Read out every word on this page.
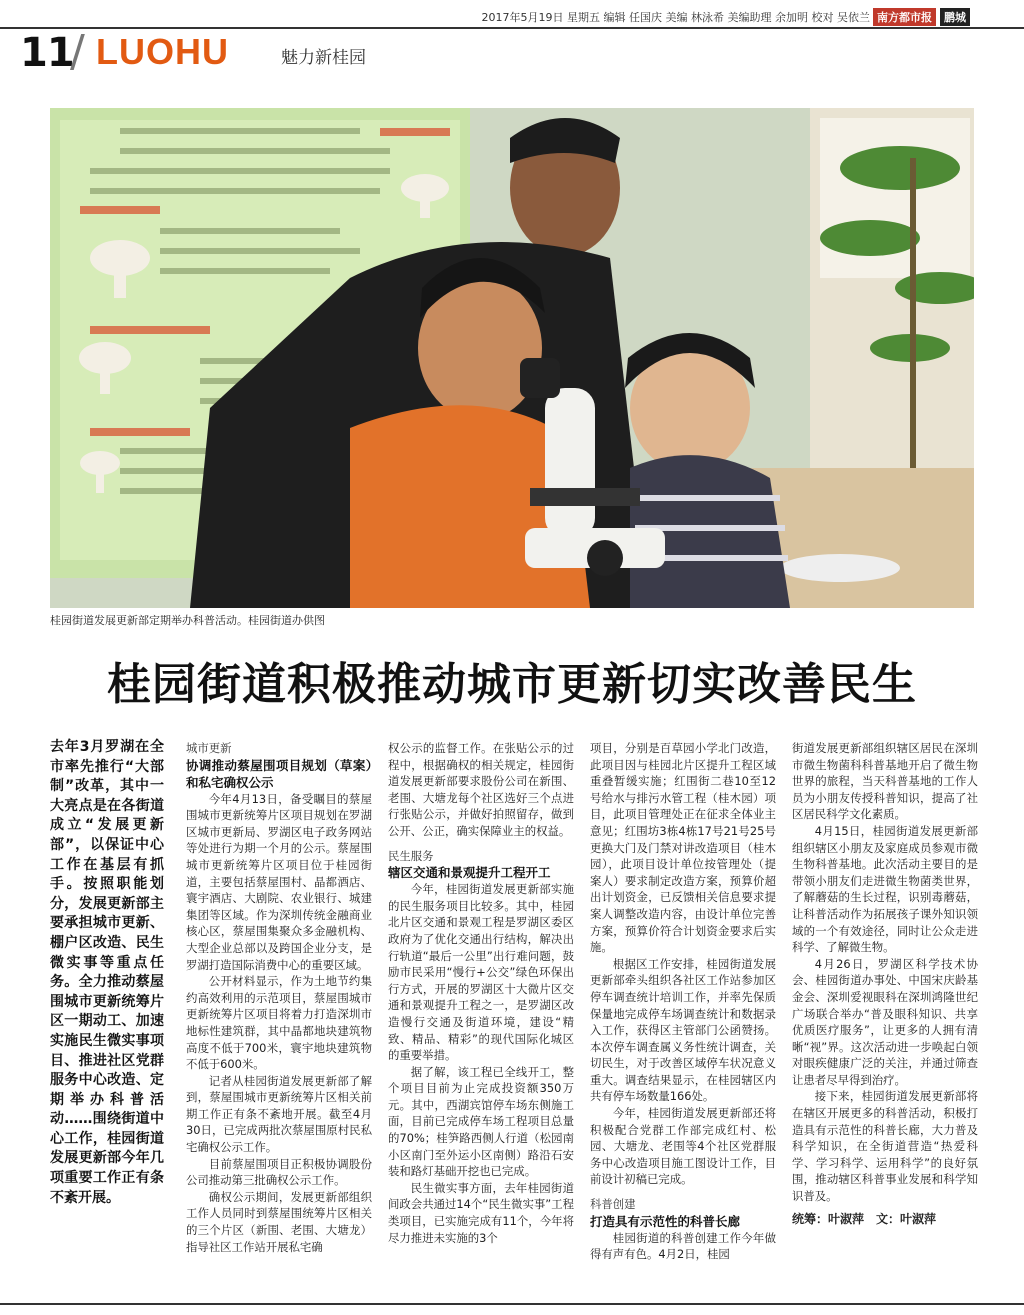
2017年5月19日 星期五 编辑 任国庆 美编 林泳希 美编助理 余加明 校对 吴依兰 南方都市报	鹏城
11
/ LUOHU	魅力新桂园
桂园街道发展更新部定期举办科普活动。桂园街道办供图
桂园街道积极推动城市更新切实改善民生
去年3月罗湖在全市率先推行“大部制”改革，其中一大亮点是在各街道成立“发展更新部”，以保证中心工作在基层有抓手。按照职能划分，发展更新部主要承担城市更新、棚户区改造、民生微实事等重点任务。全力推动蔡屋围城市更新统筹片区一期动工、加速实施民生微实事项目、推进社区党群服务中心改造、定期举办科普活动……围绕街道中心工作，桂园街道发展更新部今年几项重要工作正有条不紊开展。

城市更新

协调推动蔡屋围项目规划（草案）和私宅确权公示

今年4月13日，备受瞩目的蔡屋围城市更新统筹片区项目规划在罗湖区城市更新局、罗湖区电子政务网站等处进行为期一个月的公示。蔡屋围城市更新统筹片区项目位于桂园街道，主要包括蔡屋围村、晶都酒店、寰宇酒店、大剧院、农业银行、城建集团等区域。作为深圳传统金融商业核心区，蔡屋围集聚众多金融机构、大型企业总部以及跨国企业分支，是罗湖打造国际消费中心的重要区域。

公开材料显示，作为土地节约集约高效利用的示范项目，蔡屋围城市更新统筹片区项目将着力打造深圳市地标性建筑群，其中晶都地块建筑物高度不低于700米，寰宇地块建筑物不低于600米。

记者从桂园街道发展更新部了解到，蔡屋围城市更新统筹片区相关前期工作正有条不紊地开展。截至4月30日，已完成两批次蔡屋围原村民私宅确权公示工作。

目前蔡屋围项目正积极协调股份公司推动第三批确权公示工作。

确权公示期间，发展更新部组织工作人员同时到蔡屋围统筹片区相关的三个片区（新围、老围、大塘龙）指导社区工作站开展私宅确

权公示的监督工作。在张贴公示的过程中，根据确权的相关规定，桂园街道发展更新部要求股份公司在新围、老围、大塘龙每个社区选好三个点进行张贴公示，并做好拍照留存，做到公开、公正，确实保障业主的权益。

民生服务

辖区交通和景观提升工程开工

今年，桂园街道发展更新部实施的民生服务项目比较多。其中，桂园北片区交通和景观工程是罗湖区委区政府为了优化交通出行结构，解决出行轨道“最后一公里”出行难问题，鼓励市民采用“慢行+公交”绿色环保出行方式，开展的罗湖区十大微片区交通和景观提升工程之一，是罗湖区改造慢行交通及街道环境，建设“精致、精品、精彩”的现代国际化城区的重要举措。

据了解，该工程已全线开工，整个项目目前为止完成投资额350万元。其中，西湖宾馆停车场东侧施工面，目前已完成停车场工程项目总量的70%；桂笋路西侧人行道（松园南小区南门至外运小区南侧）路沿石安装和路灯基础开挖也已完成。

民生微实事方面，去年桂园街道间政会共通过14个“民生微实事”工程类项目，已实施完成有11个，今年将尽力推进未实施的3个

项目，分别是百草园小学北门改造，此项目因与桂园北片区提升工程区域重叠暂缓实施；红围街二巷10至12号给水与排污水管工程（桂木园）项目，此项目管理处正在征求全体业主意见；红围坊3栋4栋17号21号25号更换大门及门禁对讲改造项目（桂木园），此项目设计单位按管理处（提案人）要求制定改造方案，预算价超出计划资金，已反馈相关信息要求提案人调整改造内容，由设计单位完善方案，预算价符合计划资金要求后实施。

根据区工作安排，桂园街道发展更新部牵头组织各社区工作站参加区停车调查统计培训工作，并率先保质保量地完成停车场调查统计和数据录入工作，获得区主管部门公函赞扬。本次停车调查属义务性统计调查，关切民生，对于改善区域停车状况意义重大。调查结果显示，在桂园辖区内共有停车场数量166处。

今年，桂园街道发展更新部还将积极配合党群工作部完成红村、松园、大塘龙、老围等4个社区党群服务中心改造项目施工图设计工作，目前设计初稿已完成。

科普创建

打造具有示范性的科普长廊

桂园街道的科普创建工作今年做得有声有色。4月2日，桂园

街道发展更新部组织辖区居民在深圳市微生物菌科科普基地开启了微生物世界的旅程，当天科普基地的工作人员为小朋友传授科普知识，提高了社区居民科学文化素质。

4月15日，桂园街道发展更新部组织辖区小朋友及家庭成员参观市微生物科普基地。此次活动主要目的是带领小朋友们走进微生物菌类世界，了解蘑菇的生长过程，识别毒蘑菇，让科普活动作为拓展孩子课外知识领域的一个有效途径，同时让公众走进科学、了解微生物。

4月26日，罗湖区科学技术协会、桂园街道办事处、中国宋庆龄基金会、深圳爱视眼科在深圳鸿隆世纪广场联合举办“普及眼科知识、共享优质医疗服务”，让更多的人拥有清晰“视”界。这次活动进一步唤起白领对眼疾健康广泛的关注，并通过筛查让患者尽早得到治疗。

接下来，桂园街道发展更新部将在辖区开展更多的科普活动，积极打造具有示范性的科普长廊，大力普及科学知识，在全街道营造“热爱科学、学习科学、运用科学”的良好氛围，推动辖区科普事业发展和科学知识普及。

统筹：叶淑萍　文：叶淑萍
